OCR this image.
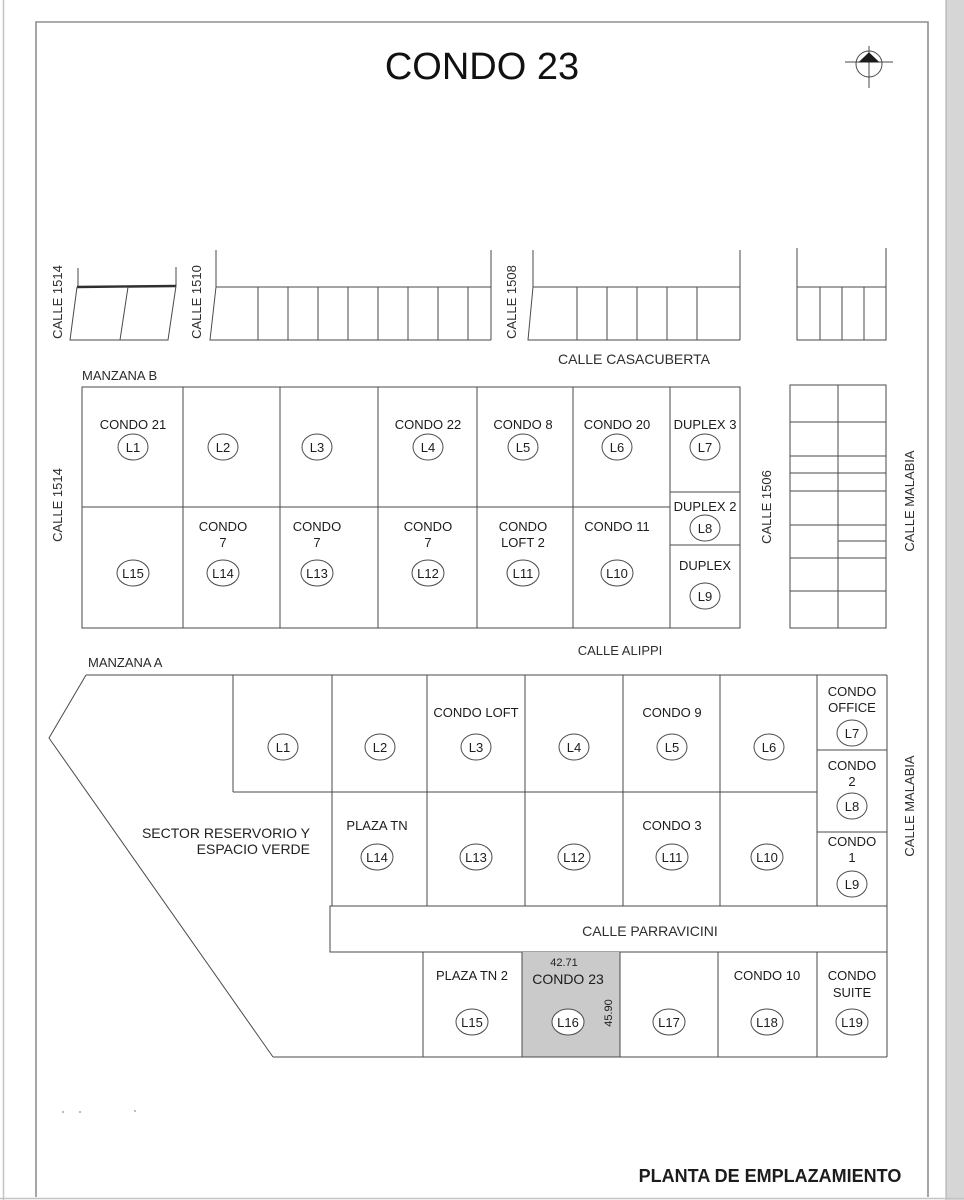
CONDO 23
CALLE 1514	CALLE 1510	CALLE 1508
CALLE CASACUBERTA
MANZANA B
CALLE 1514
CONDO 21
L1	L2	L3
CONDO 22
L4
CONDO 8
L5
CONDO 20
L6
DUPLEX 3
L7
L15
CONDO
7
L14
CONDO
7
L13
CONDO
7
L12
CONDO
LOFT 2
L11
CONDO 11
L10
DUPLEX 2
L8
DUPLEX
L9
CALLE 1506	CALLE MALABIA
CALLE ALIPPI
MANZANA A
CALLE MALABIA
SECTOR RESERVORIO Y
ESPACIO VERDE
L1	L2
CONDO LOFT
L3	L4
CONDO 9
L5	L6
CONDO
OFFICE
L7
CONDO
2
L8
CONDO
1
L9
PLAZA TN
L14	L13	L12
CONDO 3
L11	L10
CALLE PARRAVICINI
PLAZA TN 2
L15
42.71
CONDO 23
45.90
L16	L17
CONDO 10
L18
CONDO
SUITE
L19
PLANTA DE EMPLAZAMIENTO
